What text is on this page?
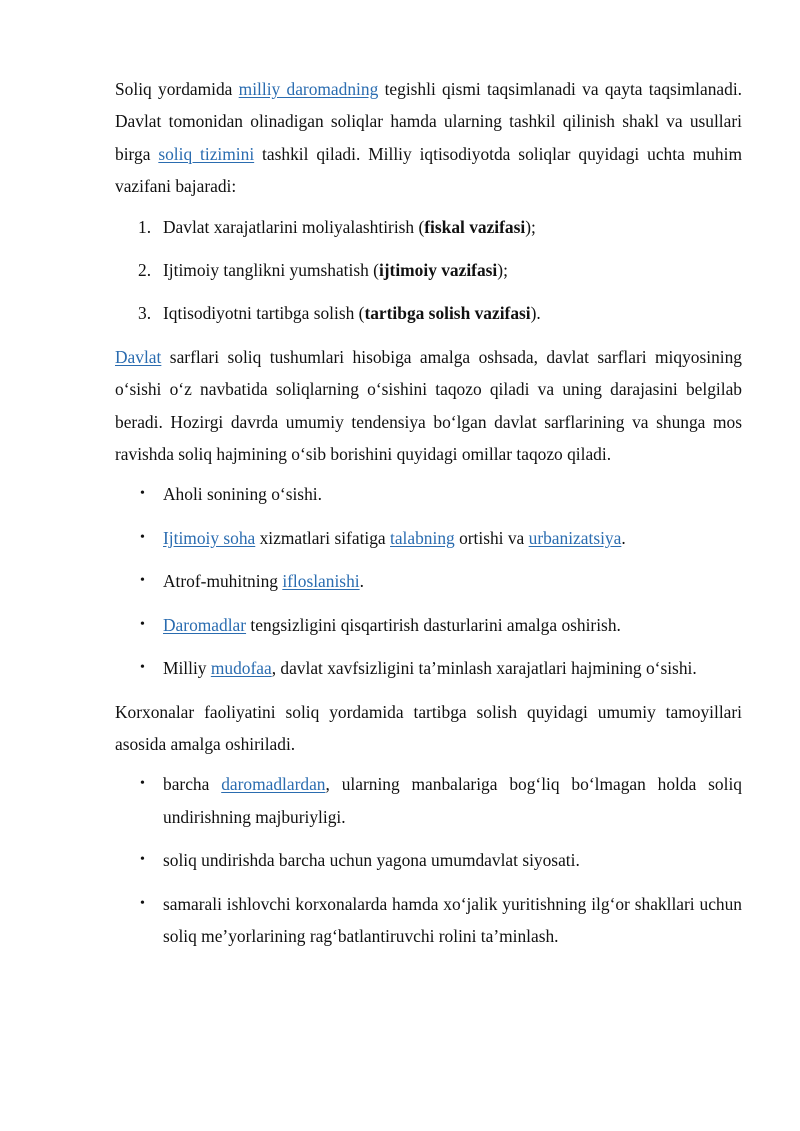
Soliq yordamida milliy daromadning tegishli qismi taqsimlanadi va qayta taqsimlanadi. Davlat tomonidan olinadigan soliqlar hamda ularning tashkil qilinish shakl va usullari birga soliq tizimini tashkil qiladi. Milliy iqtisodiyotda soliqlar quyidagi uchta muhim vazifani bajaradi:

1. Davlat xarajatlarini moliyalashtirish (fiskal vazifasi);
2. Ijtimoiy tanglikni yumshatish (ijtimoiy vazifasi);
3. Iqtisodiyotni tartibga solish (tartibga solish vazifasi).

Davlat sarflari soliq tushumlari hisobiga amalga oshsada, davlat sarflari miqyosining oʻsishi oʻz navbatida soliqlarning oʻsishini taqozo qiladi va uning darajasini belgilab beradi. Hozirgi davrda umumiy tendensiya boʻlgan davlat sarflarining va shunga mos ravishda soliq hajmining oʻsib borishini quyidagi omillar taqozo qiladi.

• Aholi sonining oʻsishi.
• Ijtimoiy soha xizmatlari sifatiga talabning ortishi va urbanizatsiya.
• Atrof-muhitning ifloslanishi.
• Daromadlar tengsizligini qisqartirish dasturlarini amalga oshirish.
• Milliy mudofaa, davlat xavfsizligini ta’minlash xarajatlari hajmining oʻsishi.

Korxonalar faoliyatini soliq yordamida tartibga solish quyidagi umumiy tamoyillari asosida amalga oshiriladi.

• barcha daromadlardan, ularning manbalariga bogʻliq boʻlmagan holda soliq undirishning majburiyligi.
• soliq undirishda barcha uchun yagona umumdavlat siyosati.
• samarali ishlovchi korxonalarda hamda xoʻjalik yuritishning ilgʻor shakllari uchun soliq me’yorlarining ragʻbatlantiruvchi rolini ta’minlash.
